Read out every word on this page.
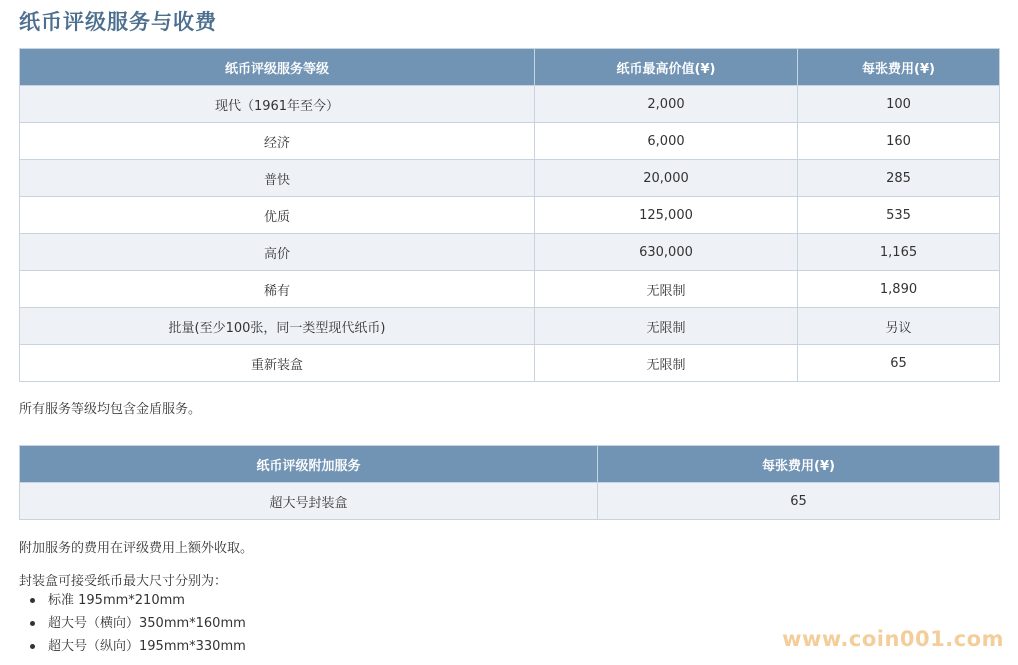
纸币评级服务与收费
纸币评级服务等级	纸币最高价值(¥)	每张费用(¥)
现代（1961年至今）	2,000	100
经济	6,000	160
普快	20,000	285
优质	125,000	535
高价	630,000	1,165
稀有	无限制	1,890
批量(至少100张，同一类型现代纸币)	无限制	另议
重新装盒	无限制	65

所有服务等级均包含金盾服务。

纸币评级附加服务	每张费用(¥)
超大号封装盒	65

附加服务的费用在评级费用上额外收取。

封装盒可接受纸币最大尺寸分别为：

标准 195mm*210mm
超大号（横向）350mm*160mm
超大号（纵向）195mm*330mm	www.coin001.com
